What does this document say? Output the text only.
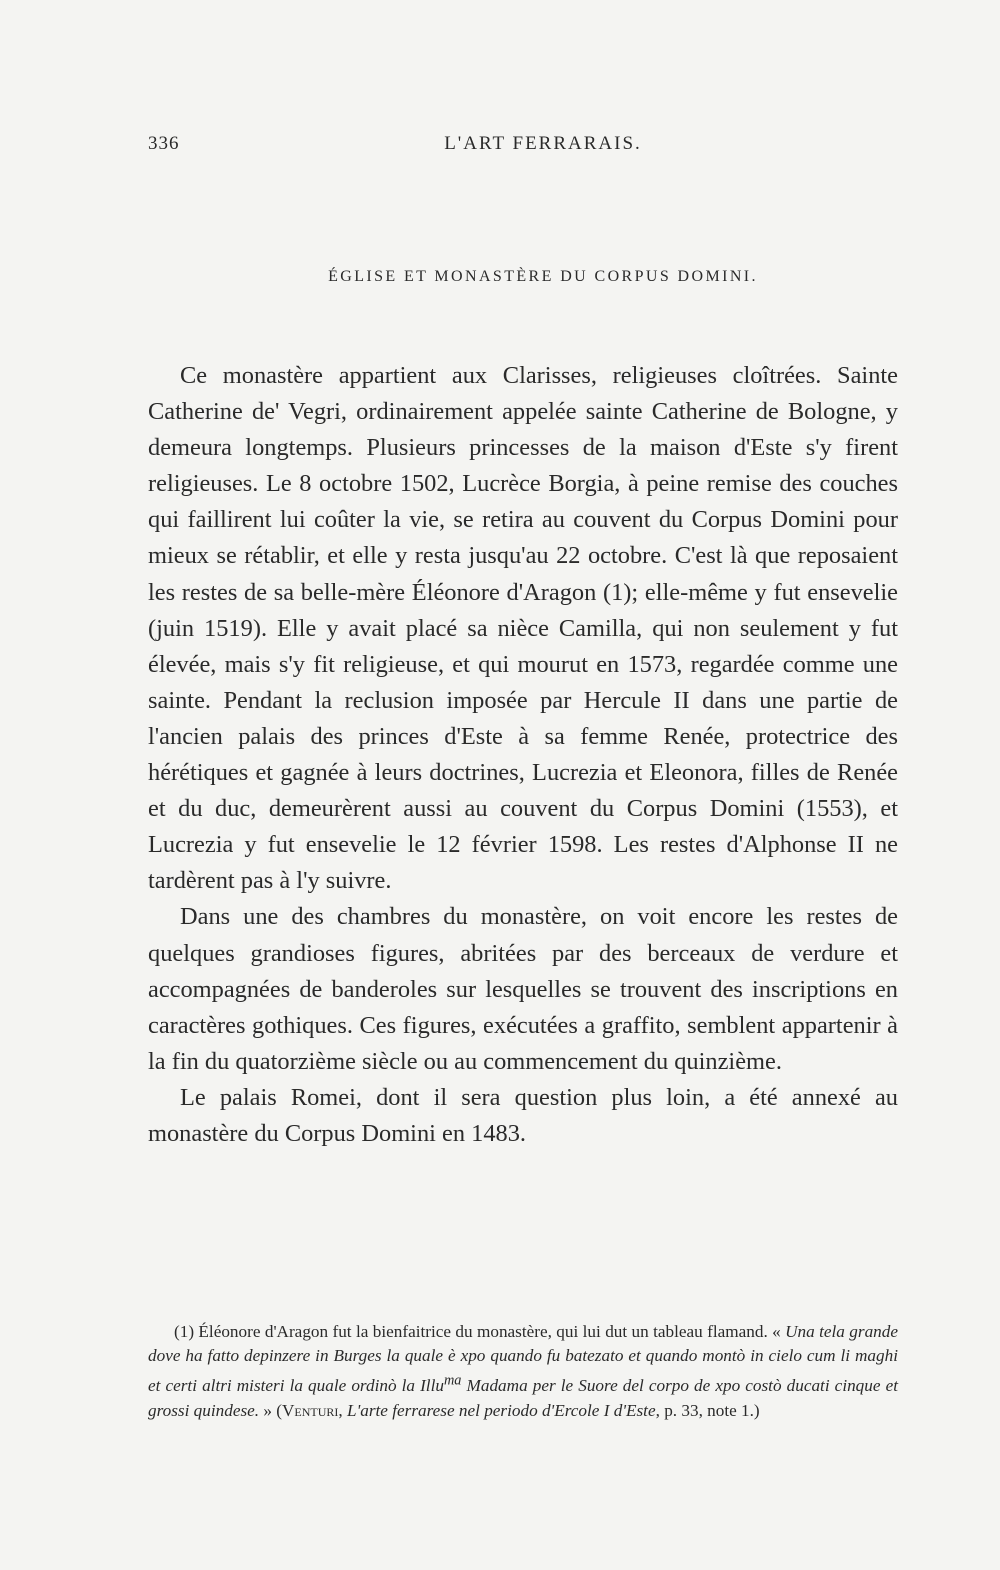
336	L'ART FERRARAIS.
ÉGLISE ET MONASTÈRE DU CORPUS DOMINI.

Ce monastère appartient aux Clarisses, religieuses cloîtrées. Sainte Catherine de' Vegri, ordinairement appelée sainte Catherine de Bologne, y demeura longtemps. Plusieurs princesses de la maison d'Este s'y firent religieuses. Le 8 octobre 1502, Lucrèce Borgia, à peine remise des couches qui faillirent lui coûter la vie, se retira au couvent du Corpus Domini pour mieux se rétablir, et elle y resta jusqu'au 22 octobre. C'est là que reposaient les restes de sa belle-mère Éléonore d'Aragon (1); elle-même y fut ensevelie (juin 1519). Elle y avait placé sa nièce Camilla, qui non seulement y fut élevée, mais s'y fit religieuse, et qui mourut en 1573, regardée comme une sainte. Pendant la reclusion imposée par Hercule II dans une partie de l'ancien palais des princes d'Este à sa femme Renée, protectrice des hérétiques et gagnée à leurs doctrines, Lucrezia et Eleonora, filles de Renée et du duc, demeurèrent aussi au couvent du Corpus Domini (1553), et Lucrezia y fut ensevelie le 12 février 1598. Les restes d'Alphonse II ne tardèrent pas à l'y suivre.

Dans une des chambres du monastère, on voit encore les restes de quelques grandioses figures, abritées par des berceaux de verdure et accompagnées de banderoles sur lesquelles se trouvent des inscriptions en caractères gothiques. Ces figures, exécutées a graffito, semblent appartenir à la fin du quatorzième siècle ou au commencement du quinzième.

Le palais Romei, dont il sera question plus loin, a été annexé au monastère du Corpus Domini en 1483.

(1) Éléonore d'Aragon fut la bienfaitrice du monastère, qui lui dut un tableau flamand. « Una tela grande dove ha fatto depinzere in Burges la quale è xpo quando fu batezato et quando montò in cielo cum li maghi et certi altri misteri la quale ordinò la Illu$^{ma}$ Madama per le Suore del corpo de xpo costò ducati cinque et grossi quindese. » (Venturi, L'arte ferrarese nel periodo d'Ercole I d'Este, p. 33, note 1.)
